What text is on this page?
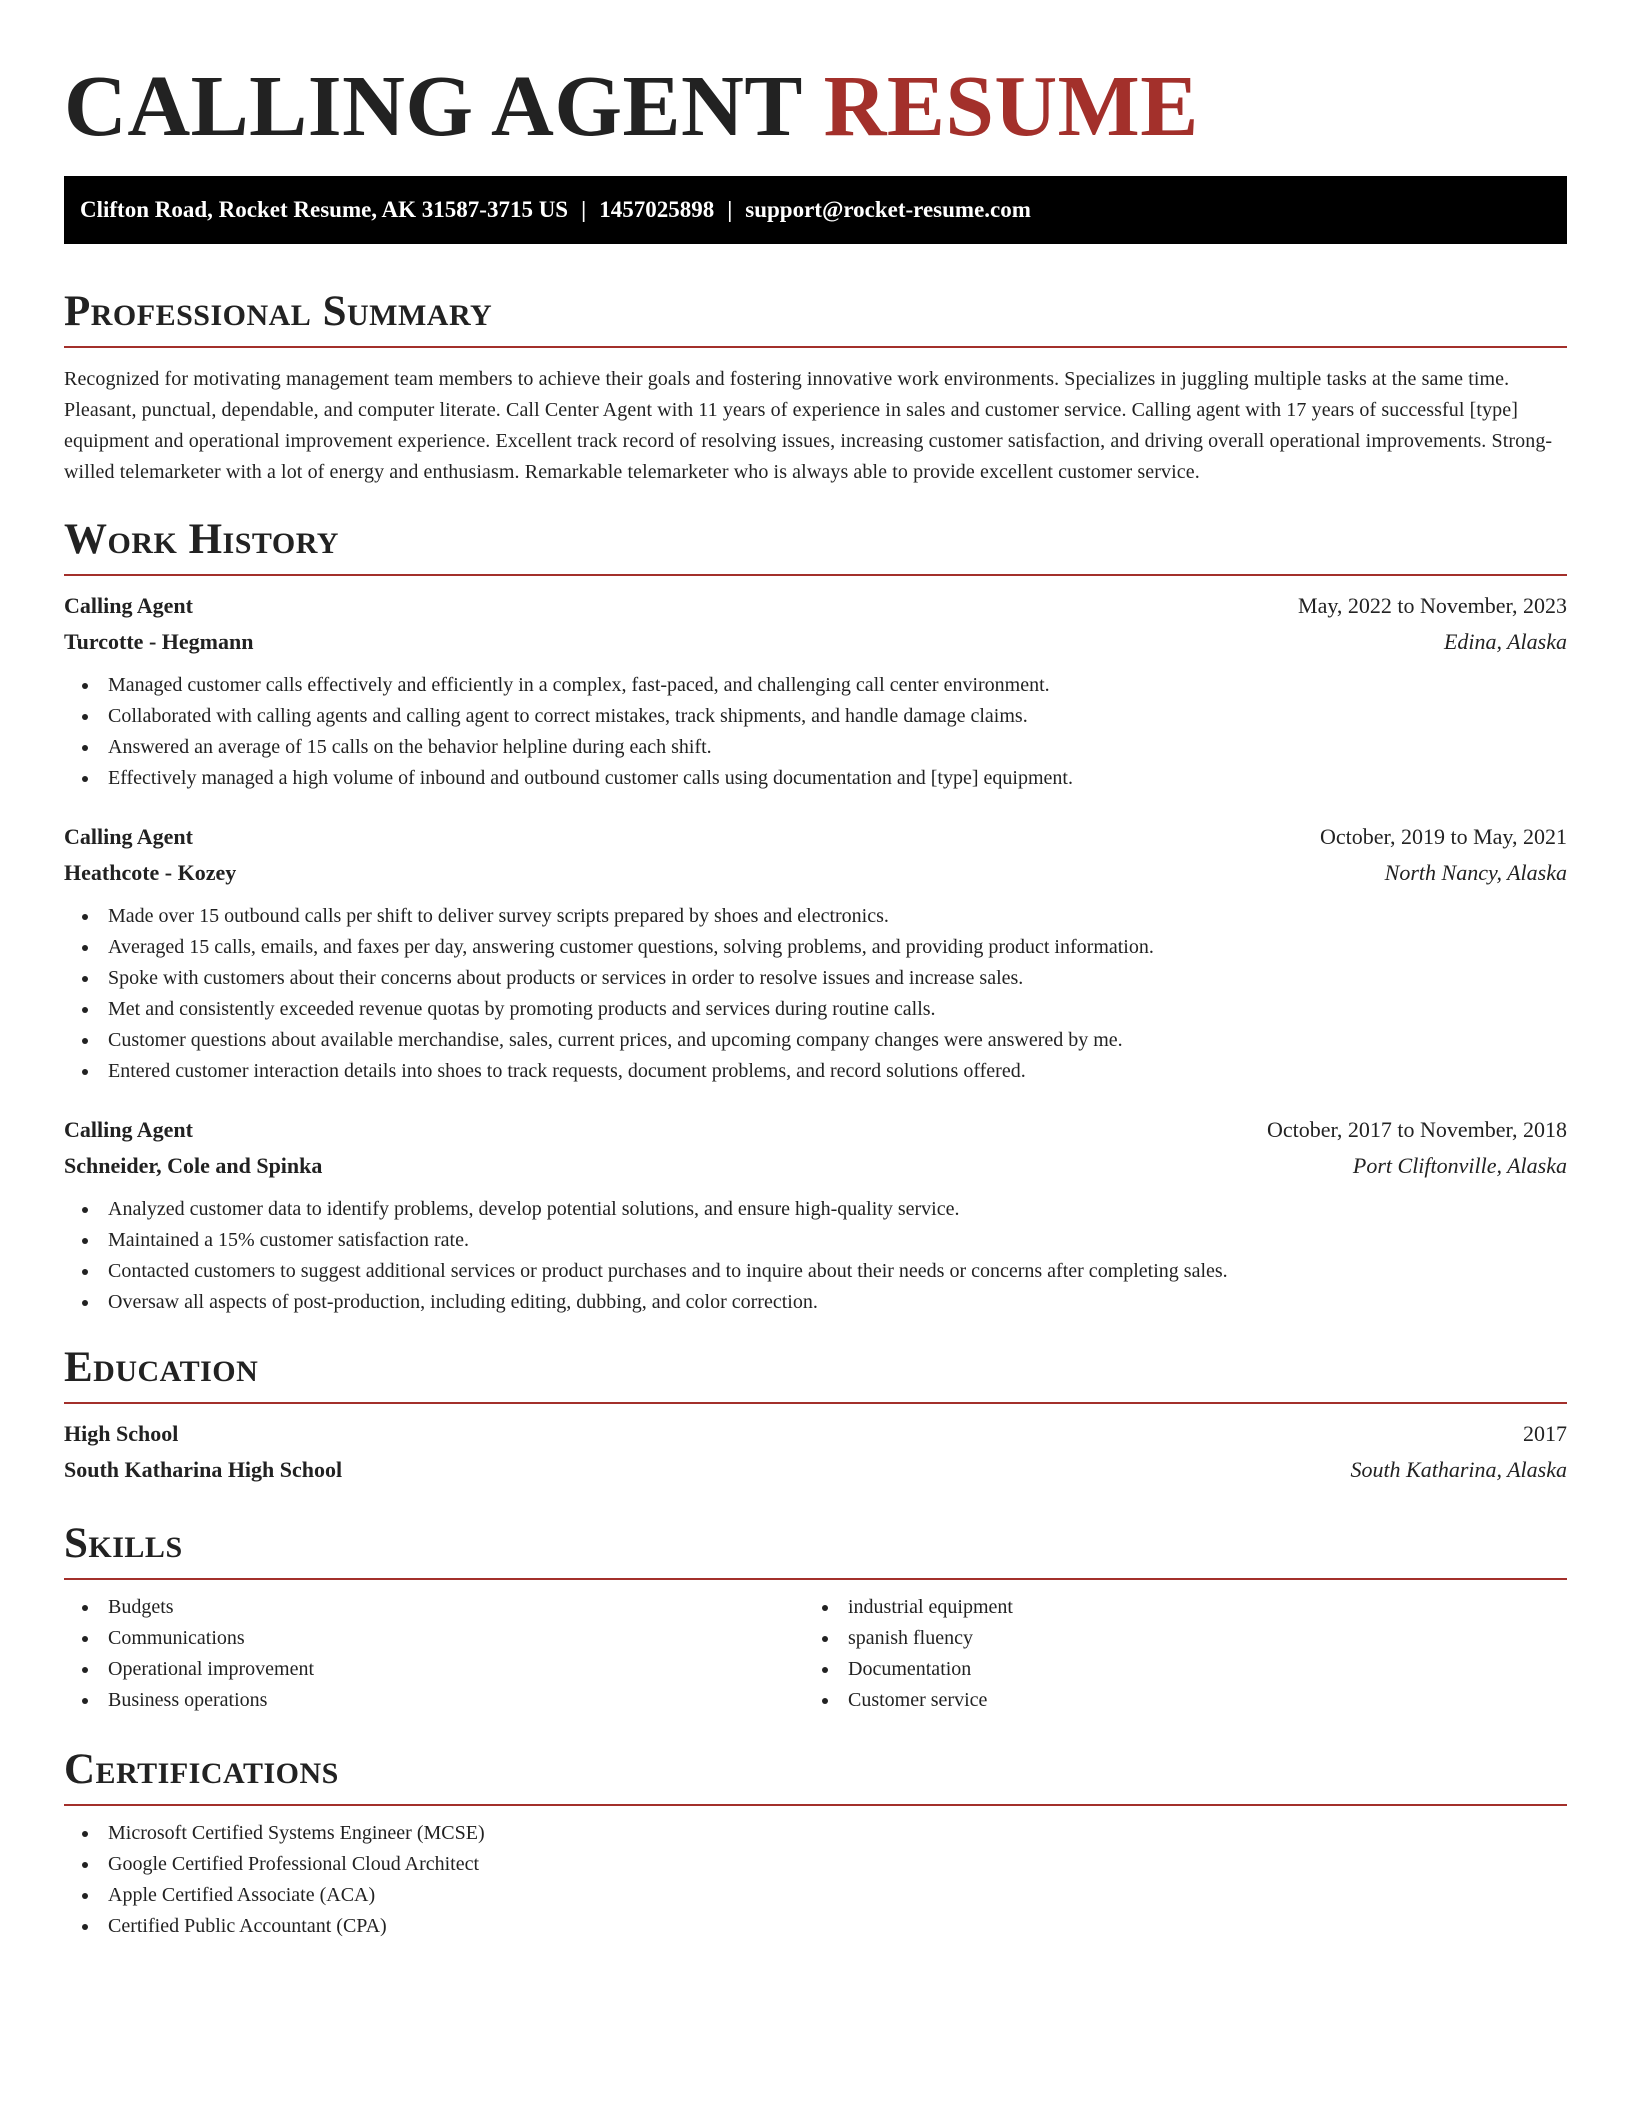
CALLING AGENT RESUME
Clifton Road, Rocket Resume, AK 31587-3715 US | 1457025898 | support@rocket-resume.com
Professional Summary

Recognized for motivating management team members to achieve their goals and fostering innovative work environments. Specializes in juggling multiple tasks at the same time. Pleasant, punctual, dependable, and computer literate. Call Center Agent with 11 years of experience in sales and customer service. Calling agent with 17 years of successful [type] equipment and operational improvement experience. Excellent track record of resolving issues, increasing customer satisfaction, and driving overall operational improvements. Strong-willed telemarketer with a lot of energy and enthusiasm. Remarkable telemarketer who is always able to provide excellent customer service.

Work History
Calling Agent	May, 2022 to November, 2023
Turcotte - Hegmann	Edina, Alaska
Managed customer calls effectively and efficiently in a complex, fast-paced, and challenging call center environment.
Collaborated with calling agents and calling agent to correct mistakes, track shipments, and handle damage claims.
Answered an average of 15 calls on the behavior helpline during each shift.
Effectively managed a high volume of inbound and outbound customer calls using documentation and [type] equipment.
Calling Agent	October, 2019 to May, 2021
Heathcote - Kozey	North Nancy, Alaska
Made over 15 outbound calls per shift to deliver survey scripts prepared by shoes and electronics.
Averaged 15 calls, emails, and faxes per day, answering customer questions, solving problems, and providing product information.
Spoke with customers about their concerns about products or services in order to resolve issues and increase sales.
Met and consistently exceeded revenue quotas by promoting products and services during routine calls.
Customer questions about available merchandise, sales, current prices, and upcoming company changes were answered by me.
Entered customer interaction details into shoes to track requests, document problems, and record solutions offered.
Calling Agent	October, 2017 to November, 2018
Schneider, Cole and Spinka	Port Cliftonville, Alaska
Analyzed customer data to identify problems, develop potential solutions, and ensure high-quality service.
Maintained a 15% customer satisfaction rate.
Contacted customers to suggest additional services or product purchases and to inquire about their needs or concerns after completing sales.
Oversaw all aspects of post-production, including editing, dubbing, and color correction.
Education
High School	2017
South Katharina High School	South Katharina, Alaska
Skills
Budgets
Communications
Operational improvement
Business operations
industrial equipment
spanish fluency
Documentation
Customer service
Certifications
Microsoft Certified Systems Engineer (MCSE)
Google Certified Professional Cloud Architect
Apple Certified Associate (ACA)
Certified Public Accountant (CPA)
